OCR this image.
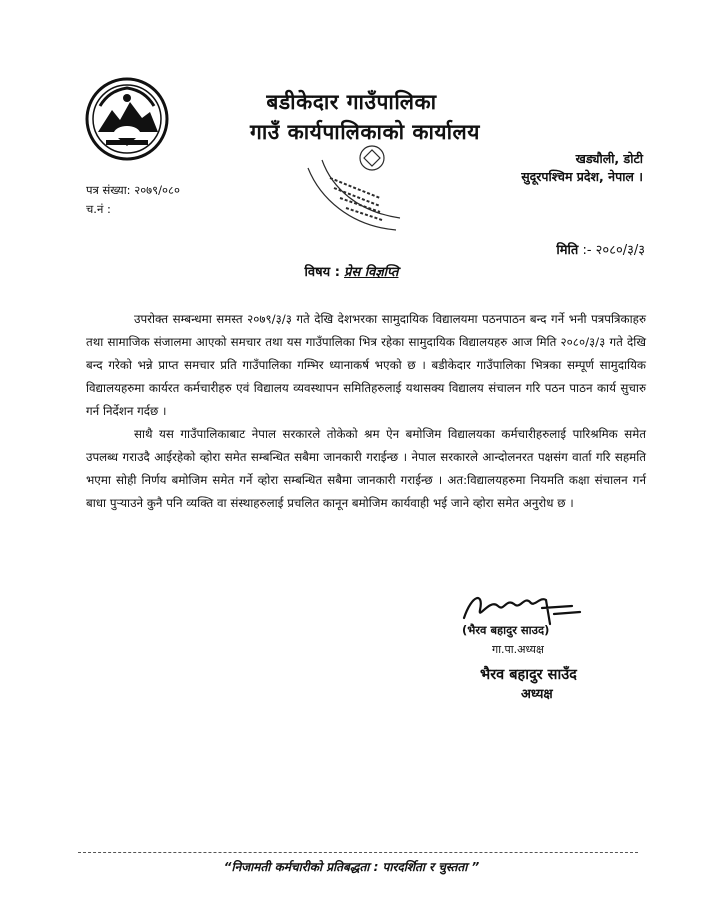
बडीकेदार गाउँपालिका
गाउँ कार्यपालिकाको कार्यालय
खड्यौली, डोटी
सुदूरपश्चिम प्रदेश, नेपाल ।
पत्र संख्या: २०७९/०८०
च.नं :
मिति :- २०८०/३/३
विषय : प्रेस विज्ञप्ति

उपरोक्त सम्बन्धमा समस्त २०७९/३/३ गते देखि देशभरका सामुदायिक विद्यालयमा पठनपाठन बन्द गर्ने भनी पत्रपत्रिकाहरु तथा सामाजिक संजालमा आएको समचार तथा यस गाउँपालिका भित्र रहेका सामुदायिक विद्यालयहरु आज मिति २०८०/३/३ गते देखि बन्द गरेको भन्ने प्राप्त समचार प्रति गाउँपालिका गम्भिर ध्यानाकर्ष भएको छ । बडीकेदार गाउँपालिका भित्रका सम्पूर्ण सामुदायिक विद्यालयहरुमा कार्यरत कर्मचारीहरु एवं विद्यालय व्यवस्थापन समितिहरुलाई यथासक्य विद्यालय संचालन गरि पठन पाठन कार्य सुचारु गर्न निर्देशन गर्दछ ।

साथै यस गाउँपालिकाबाट नेपाल सरकारले तोकेको श्रम ऐन बमोजिम विद्यालयका कर्मचारीहरुलाई पारिश्रमिक समेत उपलब्ध गराउदै आईरहेको व्होरा समेत सम्बन्धित सबैमा जानकारी गराईन्छ । नेपाल सरकारले आन्दोलनरत पक्षसंग वार्ता गरि सहमति भएमा सोही निर्णय बमोजिम समेत गर्ने व्होरा सम्बन्धित सबैमा जानकारी गराईन्छ । अत:विद्यालयहरुमा नियमति कक्षा संचालन गर्न बाधा पुऱ्याउने कुनै पनि व्यक्ति वा संस्थाहरुलाई प्रचलित कानून बमोजिम कार्यवाही भई जाने व्होरा समेत अनुरोध छ ।

(भैरव बहादुर साउद)
गा.पा.अध्यक्ष
भैरव बहादुर साउँद
अध्यक्ष
“निजामती कर्मचारीको प्रतिबद्धता : पारदर्शिता र चुस्तता ”
